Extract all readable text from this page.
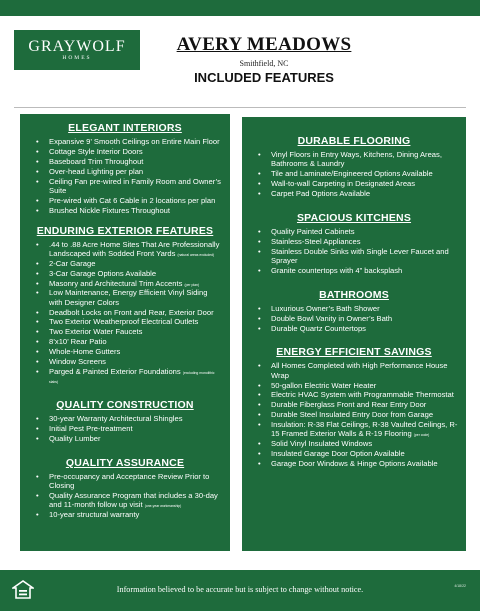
GRAYWOLF
HOMES
AVERY MEADOWS
Smithfield, NC
INCLUDED FEATURES
ELEGANT INTERIORS
• Expansive 9’ Smooth Ceilings on Entire Main Floor
• Cottage Style Interior Doors
• Baseboard Trim Throughout
• Over-head Lighting per plan
• Ceiling Fan pre-wired in Family Room and Owner’s Suite
• Pre-wired with Cat 6 Cable in 2 locations per plan
• Brushed Nickle Fixtures Throughout
ENDURING EXTERIOR FEATURES
• .44 to .88 Acre Home Sites That Are Professionally Landscaped with Sodded Front Yards (natural areas excluded)
• 2-Car Garage
• 3-Car Garage Options Available
• Masonry and Architectural Trim Accents (per plan)
• Low Maintenance, Energy Efficient Vinyl Siding with Designer Colors
• Deadbolt Locks on Front and Rear, Exterior Door
• Two Exterior Weatherproof Electrical Outlets
• Two Exterior Water Faucets
• 8’x10’ Rear Patio
• Whole-Home Gutters
• Window Screens
• Parged & Painted Exterior Foundations (excluding monolithic slabs)
QUALITY CONSTRUCTION
• 30-year Warranty Architectural Shingles
• Initial Pest Pre-treatment
• Quality Lumber
QUALITY ASSURANCE
• Pre-occupancy and Acceptance Review Prior to Closing
• Quality Assurance Program that includes a 30-day and 11-month follow up visit (one-year workmanship)
• 10-year structural warranty
DURABLE FLOORING
• Vinyl Floors in Entry Ways, Kitchens, Dining Areas, Bathrooms & Laundry
• Tile and Laminate/Engineered Options Available
• Wall-to-wall Carpeting in Designated Areas
• Carpet Pad Options Available
SPACIOUS KITCHENS
• Quality Painted Cabinets
• Stainless-Steel Appliances
• Stainless Double Sinks with Single Lever Faucet and Sprayer
• Granite countertops with 4” backsplash
BATHROOMS
• Luxurious Owner’s Bath Shower
• Double Bowl Vanity in Owner’s Bath
• Durable Quartz Countertops
ENERGY EFFICIENT SAVINGS
• All Homes Completed with High Performance House Wrap
• 50-gallon Electric Water Heater
• Electric HVAC System with Programmable Thermostat
• Durable Fiberglass Front and Rear Entry Door
• Durable Steel Insulated Entry Door from Garage
• Insulation: R-38 Flat Ceilings, R-38 Vaulted Ceilings, R-15 Framed Exterior Walls & R-19 Flooring (per code)
• Solid Vinyl Insulated Windows
• Insulated Garage Door Option Available
• Garage Door Windows & Hinge Options Available
Information believed to be accurate but is subject to change without notice.	4/18/22
